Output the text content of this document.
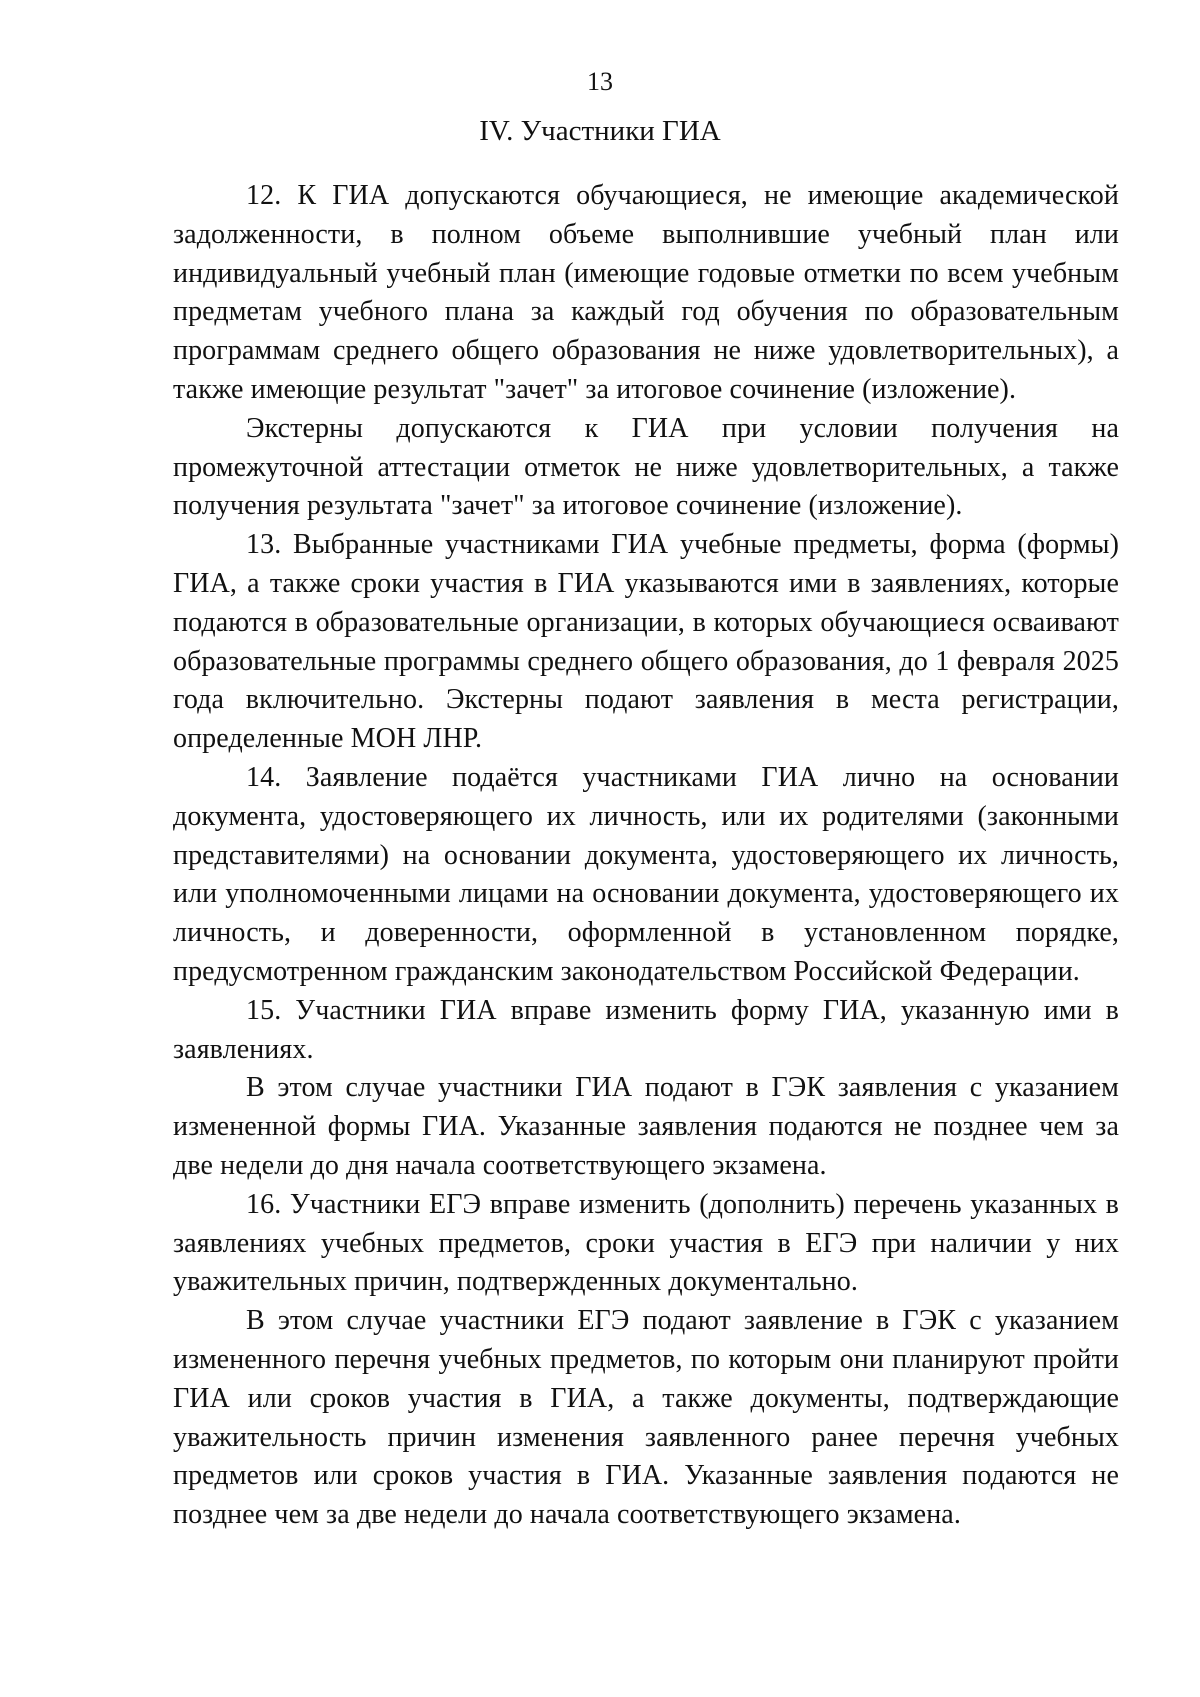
13
IV. Участники ГИА

12. К ГИА допускаются обучающиеся, не имеющие академической задолженности, в полном объеме выполнившие учебный план или индивидуальный учебный план (имеющие годовые отметки по всем учебным предметам учебного плана за каждый год обучения по образовательным программам среднего общего образования не ниже удовлетворительных), а также имеющие результат "зачет" за итоговое сочинение (изложение).

Экстерны допускаются к ГИА при условии получения на промежуточной аттестации отметок не ниже удовлетворительных, а также получения результата "зачет" за итоговое сочинение (изложение).

13. Выбранные участниками ГИА учебные предметы, форма (формы) ГИА, а также сроки участия в ГИА указываются ими в заявлениях, которые подаются в образовательные организации, в которых обучающиеся осваивают образовательные программы среднего общего образования, до 1 февраля 2025 года включительно. Экстерны подают заявления в места регистрации, определенные МОН ЛНР.

14. Заявление подаётся участниками ГИА лично на основании документа, удостоверяющего их личность, или их родителями (законными представителями) на основании документа, удостоверяющего их личность, или уполномоченными лицами на основании документа, удостоверяющего их личность, и доверенности, оформленной в установленном порядке, предусмотренном гражданским законодательством Российской Федерации.

15. Участники ГИА вправе изменить форму ГИА, указанную ими в заявлениях.

В этом случае участники ГИА подают в ГЭК заявления с указанием измененной формы ГИА. Указанные заявления подаются не позднее чем за две недели до дня начала соответствующего экзамена.

16. Участники ЕГЭ вправе изменить (дополнить) перечень указанных в заявлениях учебных предметов, сроки участия в ЕГЭ при наличии у них уважительных причин, подтвержденных документально.

В этом случае участники ЕГЭ подают заявление в ГЭК с указанием измененного перечня учебных предметов, по которым они планируют пройти ГИА или сроков участия в ГИА, а также документы, подтверждающие уважительность причин изменения заявленного ранее перечня учебных предметов или сроков участия в ГИА. Указанные заявления подаются не позднее чем за две недели до начала соответствующего экзамена.
